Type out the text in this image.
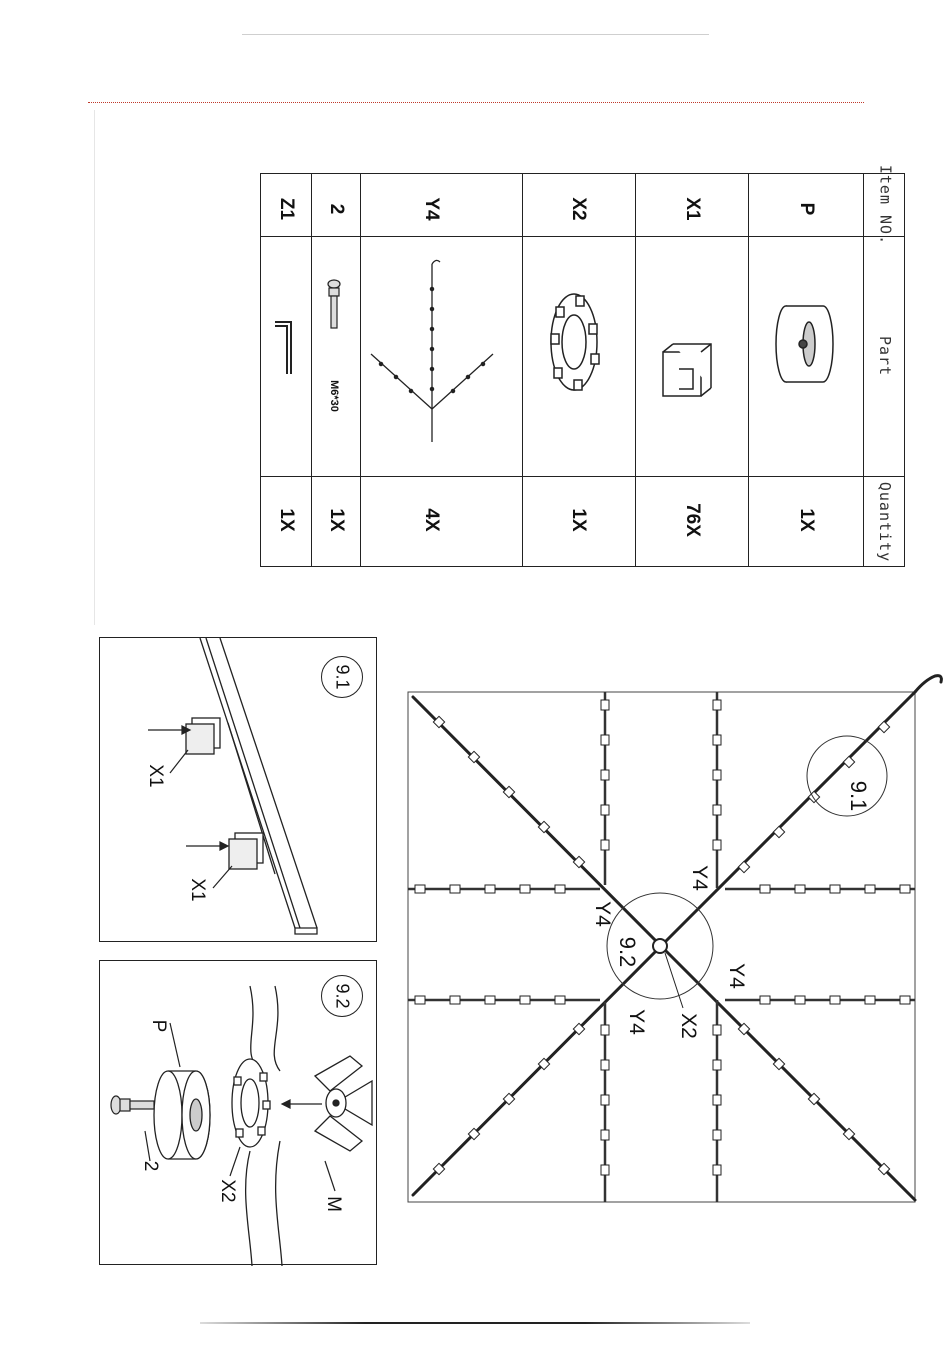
Item NO.
Part
Quantity
P
1X
X1
76X
X2
1X
Y4
4X
2
1X
M6*30
Z1
1X
9.1
X1
X1
9.2
P
2
X2
M
9.1
9.2
Y4
Y4
Y4
Y4 X2
